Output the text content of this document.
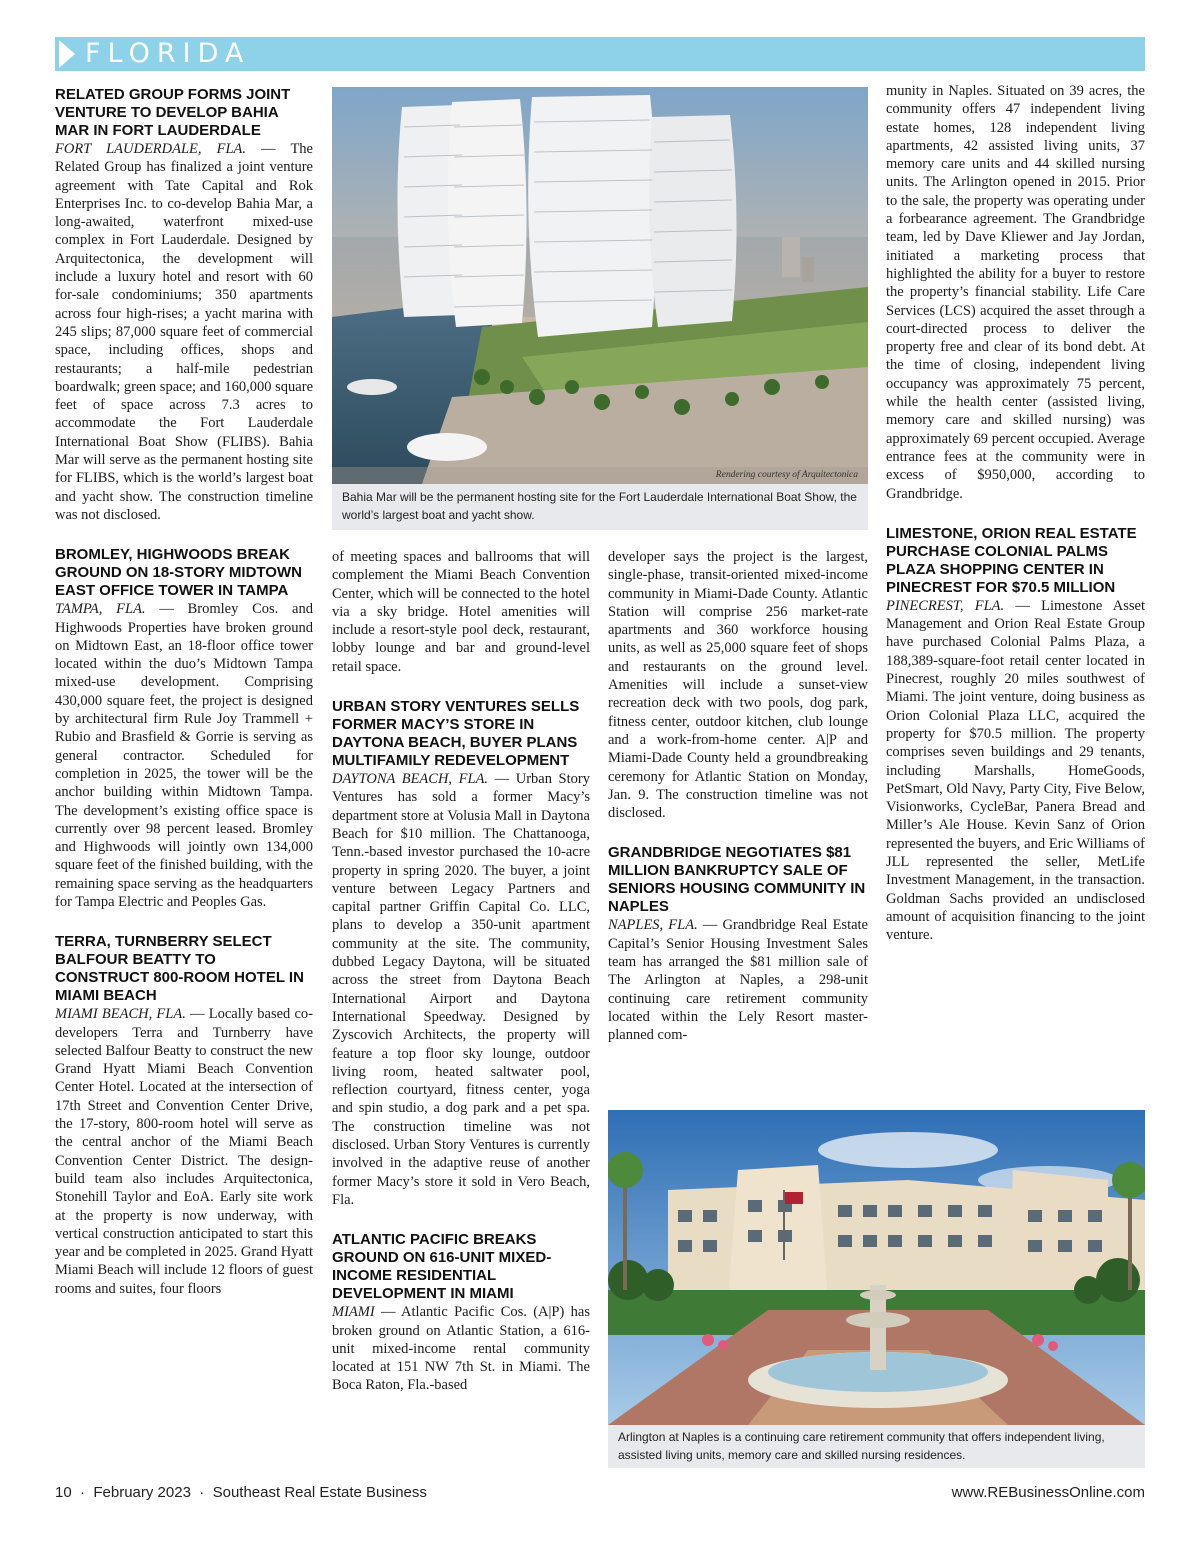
FLORIDA
RELATED GROUP FORMS JOINT VENTURE TO DEVELOP BAHIA MAR IN FORT LAUDERDALE

FORT LAUDERDALE, FLA. — The Related Group has finalized a joint venture agreement with Tate Capital and Rok Enterprises Inc. to co-develop Bahia Mar, a long-awaited, waterfront mixed-use complex in Fort Lauderdale. Designed by Arquitectonica, the development will include a luxury hotel and resort with 60 for-sale condominiums; 350 apartments across four high-rises; a yacht marina with 245 slips; 87,000 square feet of commercial space, including offices, shops and restaurants; a half-mile pedestrian boardwalk; green space; and 160,000 square feet of space across 7.3 acres to accommodate the Fort Lauderdale International Boat Show (FLIBS). Bahia Mar will serve as the permanent hosting site for FLIBS, which is the world’s largest boat and yacht show. The construction timeline was not disclosed.

BROMLEY, HIGHWOODS BREAK GROUND ON 18-STORY MIDTOWN EAST OFFICE TOWER IN TAMPA

TAMPA, FLA. — Bromley Cos. and Highwoods Properties have broken ground on Midtown East, an 18-floor office tower located within the duo’s Midtown Tampa mixed-use development. Comprising 430,000 square feet, the project is designed by architectural firm Rule Joy Trammell + Rubio and Brasfield & Gorrie is serving as general contractor. Scheduled for completion in 2025, the tower will be the anchor building within Midtown Tampa. The development’s existing office space is currently over 98 percent leased. Bromley and Highwoods will jointly own 134,000 square feet of the finished building, with the remaining space serving as the headquarters for Tampa Electric and Peoples Gas.

TERRA, TURNBERRY SELECT BALFOUR BEATTY TO CONSTRUCT 800-ROOM HOTEL IN MIAMI BEACH

MIAMI BEACH, FLA. — Locally based co-developers Terra and Turnberry have selected Balfour Beatty to construct the new Grand Hyatt Miami Beach Convention Center Hotel. Located at the intersection of 17th Street and Convention Center Drive, the 17-story, 800-room hotel will serve as the central anchor of the Miami Beach Convention Center District. The design-build team also includes Arquitectonica, Stonehill Taylor and EoA. Early site work at the property is now underway, with vertical construction anticipated to start this year and be completed in 2025. Grand Hyatt Miami Beach will include 12 floors of guest rooms and suites, four floors

Rendering courtesy of Arquitectonica
Bahia Mar will be the permanent hosting site for the Fort Lauderdale International Boat Show, the world’s largest boat and yacht show.

of meeting spaces and ballrooms that will complement the Miami Beach Convention Center, which will be connected to the hotel via a sky bridge. Hotel amenities will include a resort-style pool deck, restaurant, lobby lounge and bar and ground-level retail space.

URBAN STORY VENTURES SELLS FORMER MACY’S STORE IN DAYTONA BEACH, BUYER PLANS MULTIFAMILY REDEVELOPMENT

DAYTONA BEACH, FLA. — Urban Story Ventures has sold a former Macy’s department store at Volusia Mall in Daytona Beach for $10 million. The Chattanooga, Tenn.-based investor purchased the 10-acre property in spring 2020. The buyer, a joint venture between Legacy Partners and capital partner Griffin Capital Co. LLC, plans to develop a 350-unit apartment community at the site. The community, dubbed Legacy Daytona, will be situated across the street from Daytona Beach International Airport and Daytona International Speedway. Designed by Zyscovich Architects, the property will feature a top floor sky lounge, outdoor living room, heated saltwater pool, reflection courtyard, fitness center, yoga and spin studio, a dog park and a pet spa. The construction timeline was not disclosed. Urban Story Ventures is currently involved in the adaptive reuse of another former Macy’s store it sold in Vero Beach, Fla.

ATLANTIC PACIFIC BREAKS GROUND ON 616-UNIT MIXED-INCOME RESIDENTIAL DEVELOPMENT IN MIAMI

MIAMI — Atlantic Pacific Cos. (A|P) has broken ground on Atlantic Station, a 616-unit mixed-income rental community located at 151 NW 7th St. in Miami. The Boca Raton, Fla.-based

developer says the project is the largest, single-phase, transit-oriented mixed-income community in Miami-Dade County. Atlantic Station will comprise 256 market-rate apartments and 360 workforce housing units, as well as 25,000 square feet of shops and restaurants on the ground level. Amenities will include a sunset-view recreation deck with two pools, dog park, fitness center, outdoor kitchen, club lounge and a work-from-home center. A|P and Miami-Dade County held a groundbreaking ceremony for Atlantic Station on Monday, Jan. 9. The construction timeline was not disclosed.

GRANDBRIDGE NEGOTIATES $81 MILLION BANKRUPTCY SALE OF SENIORS HOUSING COMMUNITY IN NAPLES

NAPLES, FLA. — Grandbridge Real Estate Capital’s Senior Housing Investment Sales team has arranged the $81 million sale of The Arlington at Naples, a 298-unit continuing care retirement community located within the Lely Resort master-planned com-

munity in Naples. Situated on 39 acres, the community offers 47 independent living estate homes, 128 independent living apartments, 42 assisted living units, 37 memory care units and 44 skilled nursing units. The Arlington opened in 2015. Prior to the sale, the property was operating under a forbearance agreement. The Grandbridge team, led by Dave Kliewer and Jay Jordan, initiated a marketing process that highlighted the ability for a buyer to restore the property’s financial stability. Life Care Services (LCS) acquired the asset through a court-directed process to deliver the property free and clear of its bond debt. At the time of closing, independent living occupancy was approximately 75 percent, while the health center (assisted living, memory care and skilled nursing) was approximately 69 percent occupied. Average entrance fees at the community were in excess of $950,000, according to Grandbridge.

LIMESTONE, ORION REAL ESTATE PURCHASE COLONIAL PALMS PLAZA SHOPPING CENTER IN PINECREST FOR $70.5 MILLION

PINECREST, FLA. — Limestone Asset Management and Orion Real Estate Group have purchased Colonial Palms Plaza, a 188,389-square-foot retail center located in Pinecrest, roughly 20 miles southwest of Miami. The joint venture, doing business as Orion Colonial Plaza LLC, acquired the property for $70.5 million. The property comprises seven buildings and 29 tenants, including Marshalls, HomeGoods, PetSmart, Old Navy, Party City, Five Below, Visionworks, CycleBar, Panera Bread and Miller’s Ale House. Kevin Sanz of Orion represented the buyers, and Eric Williams of JLL represented the seller, MetLife Investment Management, in the transaction. Goldman Sachs provided an undisclosed amount of acquisition financing to the joint venture.

Arlington at Naples is a continuing care retirement community that offers independent living, assisted living units, memory care and skilled nursing residences.
10  ·  February 2023  ·  Southeast Real Estate Business	www.REBusinessOnline.com
